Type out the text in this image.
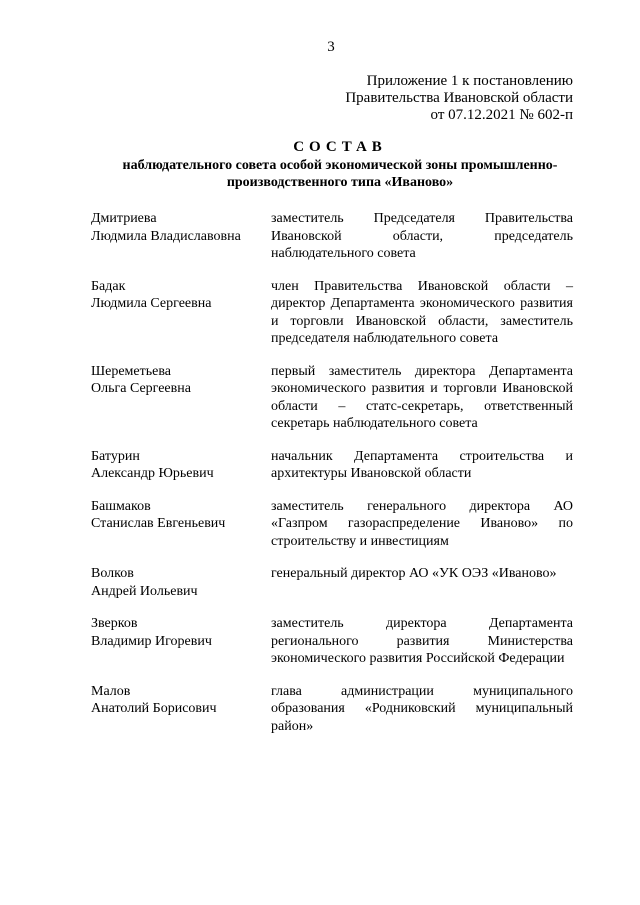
3
Приложение 1 к постановлению
Правительства Ивановской области
от 07.12.2021 № 602-п
СОСТАВ
наблюдательного совета особой экономической зоны промышленно-
производственного типа «Иваново»
Дмитриева
Людмила Владиславовна
заместитель Председателя Правительства Ивановской области, председатель наблюдательного совета
Бадак
Людмила Сергеевна
член Правительства Ивановской области – директор Департамента экономического развития и торговли Ивановской области, заместитель председателя наблюдательного совета
Шереметьева
Ольга Сергеевна
первый заместитель директора Департамента экономического развития и торговли Ивановской области – статс-секретарь, ответственный секретарь наблюдательного совета
Батурин
Александр Юрьевич
начальник Департамента строительства и архитектуры Ивановской области
Башмаков
Станислав Евгеньевич
заместитель генерального директора АО «Газпром газораспределение Иваново» по строительству и инвестициям
Волков
Андрей Иольевич
генеральный директор АО «УК ОЭЗ «Иваново»
Зверков
Владимир Игоревич
заместитель директора Департамента регионального развития Министерства экономического развития Российской Федерации
Малов
Анатолий Борисович
глава администрации муниципального образования «Родниковский муниципальный район»
